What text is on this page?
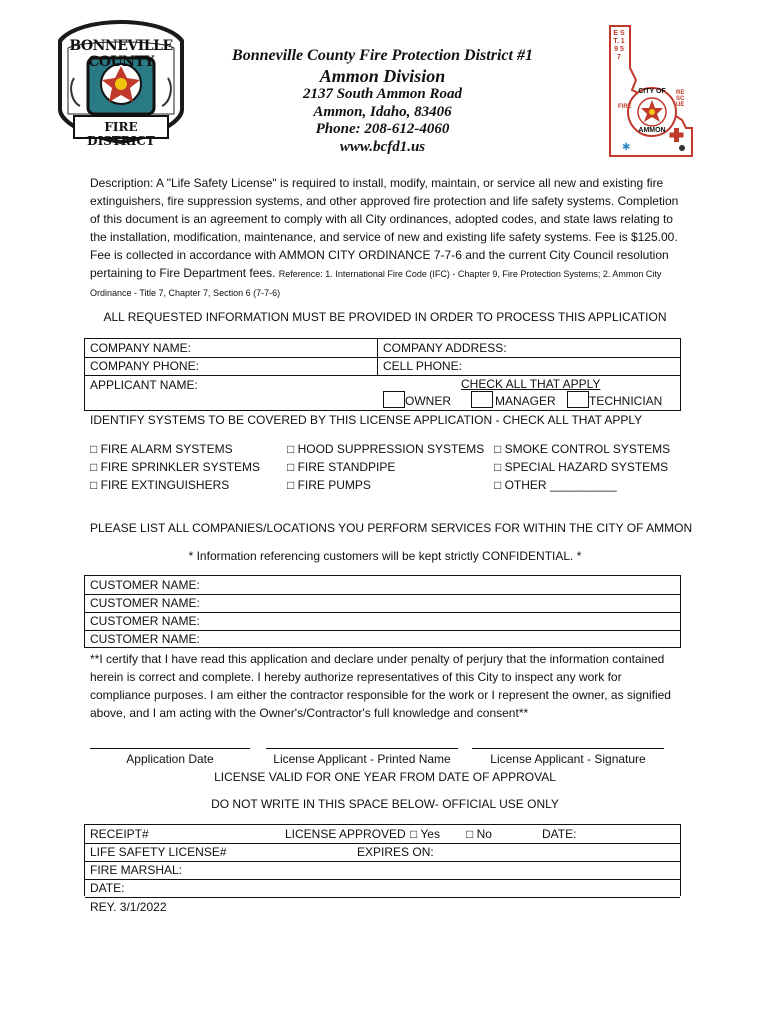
BONNEVILLE COUNTY
FIRE DISTRICT
Bonneville County Fire Protection District #1
Ammon Division
2137 South Ammon Road
Ammon, Idaho, 83406
Phone: 208-612-4060
www.bcfd1.us	✱
E S T. 1 9 5 7
CITY OF
FIRE
RESCUE
AMMON
Description: A "Life Safety License" is required to install, modify, maintain, or service all new and existing fire extinguishers, fire suppression systems, and other approved fire protection and life safety systems. Completion of this document is an agreement to comply with all City ordinances, adopted codes, and state laws relating to the installation, modification, maintenance, and service of new and existing life safety systems. Fee is $125.00. Fee is collected in accordance with AMMON CITY ORDINANCE 7-7-6 and the current City Council resolution pertaining to Fire Department fees. Reference: 1. International Fire Code (IFC) - Chapter 9, Fire Protection Systems; 2. Ammon City Ordinance - Title 7, Chapter 7, Section 6 (7-7-6)
ALL REQUESTED INFORMATION MUST BE PROVIDED IN ORDER TO PROCESS THIS APPLICATION
COMPANY NAME:	COMPANY ADDRESS:
COMPANY PHONE:	CELL PHONE:
APPLICANT NAME:	CHECK ALL THAT APPLY
OWNER	MANAGER	TECHNICIAN
IDENTIFY SYSTEMS TO BE COVERED BY THIS LICENSE APPLICATION - CHECK ALL THAT APPLY
□ FIRE ALARM SYSTEMS
□ FIRE SPRINKLER SYSTEMS
□ FIRE EXTINGUISHERS
□ HOOD SUPPRESSION SYSTEMS
□ FIRE STANDPIPE
□ FIRE PUMPS
□ SMOKE CONTROL SYSTEMS
□ SPECIAL HAZARD SYSTEMS
□ OTHER __________
PLEASE LIST ALL COMPANIES/LOCATIONS YOU PERFORM SERVICES FOR WITHIN THE CITY OF AMMON
* Information referencing customers will be kept strictly CONFIDENTIAL. *
CUSTOMER NAME:
CUSTOMER NAME:
CUSTOMER NAME:
CUSTOMER NAME:
**I certify that I have read this application and declare under penalty of perjury that the information contained herein is correct and complete. I hereby authorize representatives of this City to inspect any work for compliance purposes. I am either the contractor responsible for the work or I represent the owner, as signified above, and I am acting with the Owner's/Contractor's full knowledge and consent**
Application Date	License Applicant - Printed Name	License Applicant - Signature
LICENSE VALID FOR ONE YEAR FROM DATE OF APPROVAL
DO NOT WRITE IN THIS SPACE BELOW- OFFICIAL USE ONLY
RECEIPT#	LICENSE APPROVED □ Yes □ No	DATE:
LIFE SAFETY LICENSE#	EXPIRES ON:
FIRE MARSHAL:
DATE:
REY. 3/1/2022
